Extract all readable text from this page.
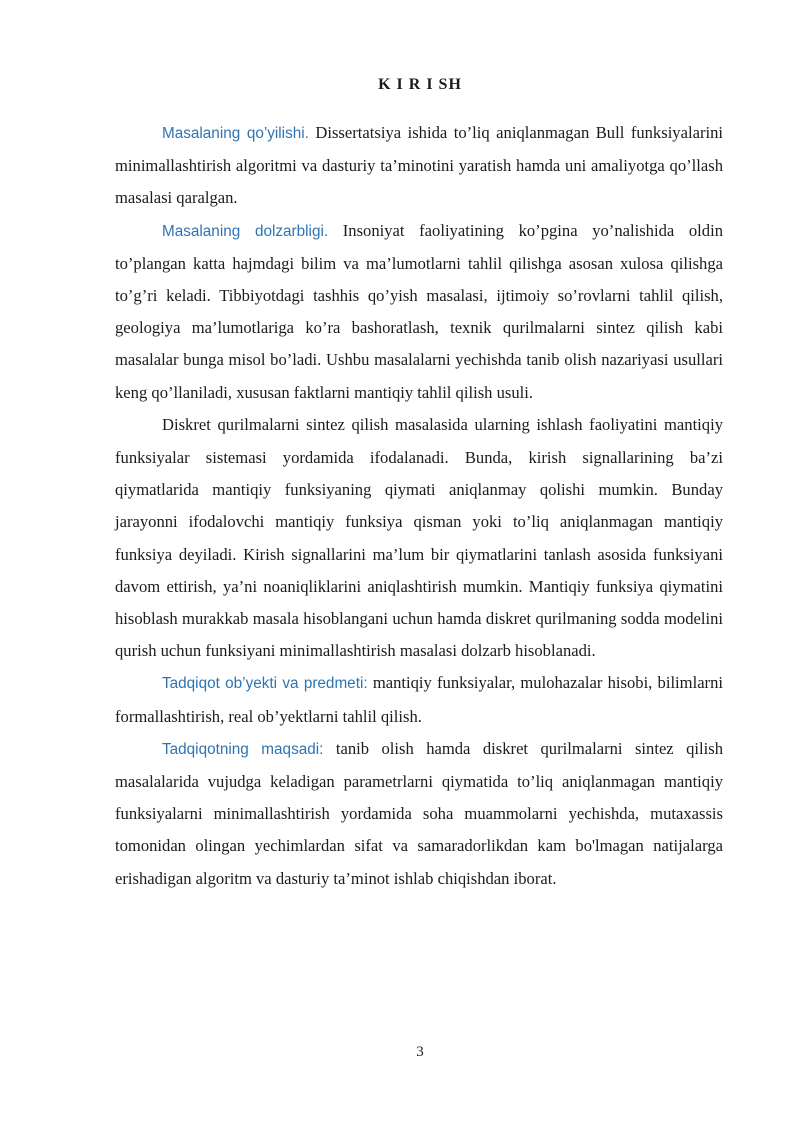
K I R I SH

Masalaning qo’yilishi. Dissertatsiya ishida to’liq aniqlanmagan Bull funksiyalarini minimallashtirish algoritmi va dasturiy ta’minotini yaratish hamda uni amaliyotga qo’llash masalasi qaralgan.

Masalaning dolzarbligi. Insoniyat faoliyatining ko’pgina yo’nalishida oldin to’plangan katta hajmdagi bilim va ma’lumotlarni tahlil qilishga asosan xulosa qilishga to’g’ri keladi. Tibbiyotdagi tashhis qo’yish masalasi, ijtimoiy so’rovlarni tahlil qilish, geologiya ma’lumotlariga ko’ra bashoratlash, texnik qurilmalarni sintez qilish kabi masalalar bunga misol bo’ladi. Ushbu masalalarni yechishda tanib olish nazariyasi usullari keng qo’llaniladi, xususan faktlarni mantiqiy tahlil qilish usuli.

Diskret qurilmalarni sintez qilish masalasida ularning ishlash faoliyatini mantiqiy funksiyalar sistemasi yordamida ifodalanadi. Bunda, kirish signallarining ba’zi qiymatlarida mantiqiy funksiyaning qiymati aniqlanmay qolishi mumkin. Bunday jarayonni ifodalovchi mantiqiy funksiya qisman yoki to’liq aniqlanmagan mantiqiy funksiya deyiladi. Kirish signallarini ma’lum bir qiymatlarini tanlash asosida funksiyani davom ettirish, ya’ni noaniqliklarini aniqlashtirish mumkin. Mantiqiy funksiya qiymatini hisoblash murakkab masala hisoblangani uchun hamda diskret qurilmaning sodda modelini qurish uchun funksiyani minimallashtirish masalasi dolzarb hisoblanadi.

Tadqiqot ob’yekti va predmeti: mantiqiy funksiyalar, mulohazalar hisobi, bilimlarni formallashtirish, real ob’yektlarni tahlil qilish.

Tadqiqotning maqsadi: tanib olish hamda diskret qurilmalarni sintez qilish masalalarida vujudga keladigan parametrlarni qiymatida to’liq aniqlanmagan mantiqiy funksiyalarni minimallashtirish yordamida soha muammolarni yechishda, mutaxassis tomonidan olingan yechimlardan sifat va samaradorlikdan kam bo'lmagan natijalarga erishadigan algoritm va dasturiy ta’minot ishlab chiqishdan iborat.

3
